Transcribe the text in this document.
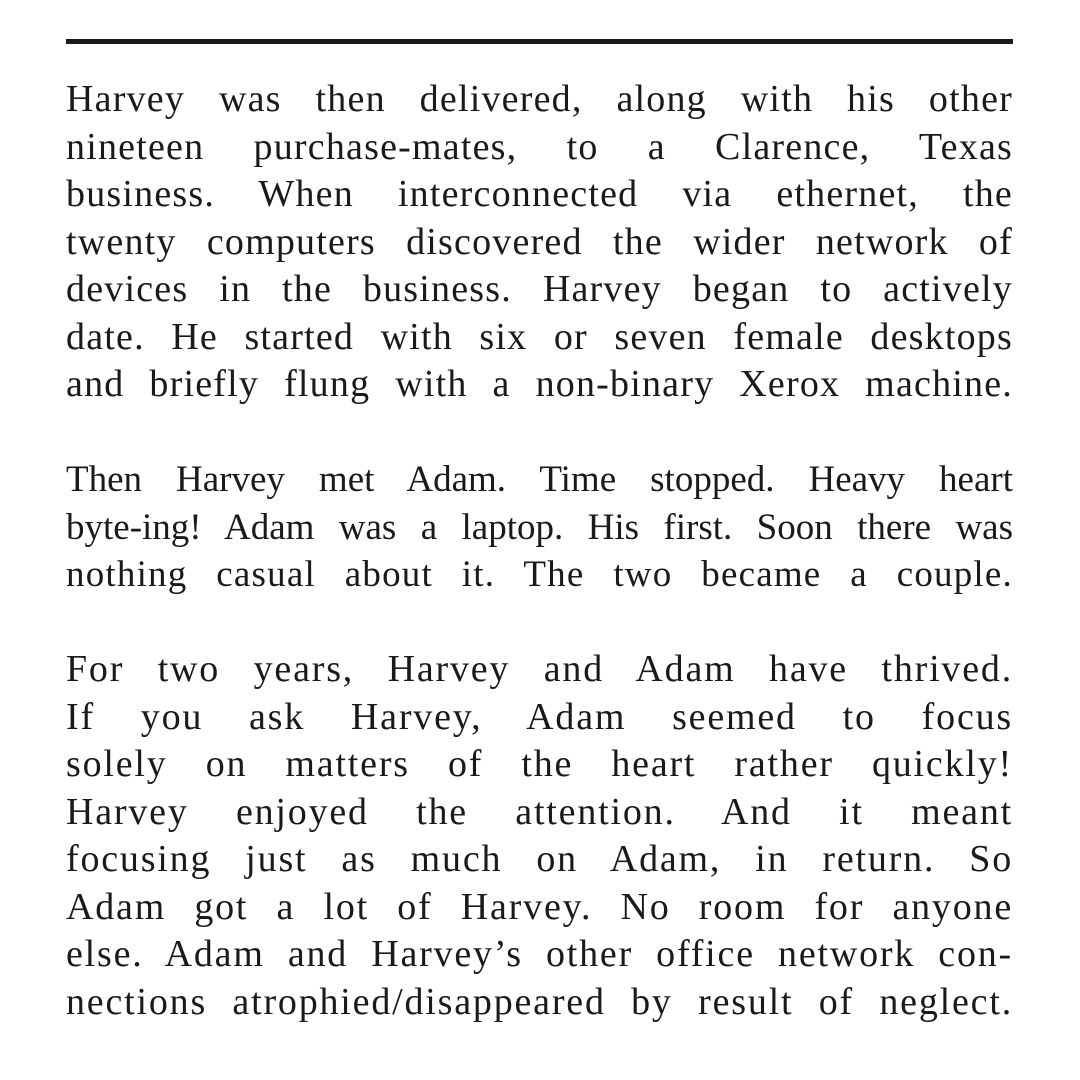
Harvey was then delivered, along with his other
nineteen purchase-mates, to a Clarence, Texas
business. When interconnected via ethernet, the
twenty computers discovered the wider network of
devices in the business. Harvey began to actively
date. He started with six or seven female desktops
and briefly flung with a non-binary Xerox machine.

Then Harvey met Adam. Time stopped. Heavy heart
byte-ing! Adam was a laptop. His first. Soon there was
nothing casual about it. The two became a couple.

For two years, Harvey and Adam have thrived.
If you ask Harvey, Adam seemed to focus
solely on matters of the heart rather quickly!
Harvey enjoyed the attention. And it meant
focusing just as much on Adam, in return. So
Adam got a lot of Harvey. No room for anyone
else. Adam and Harvey’s other office network con-
nections atrophied/disappeared by result of neglect.
